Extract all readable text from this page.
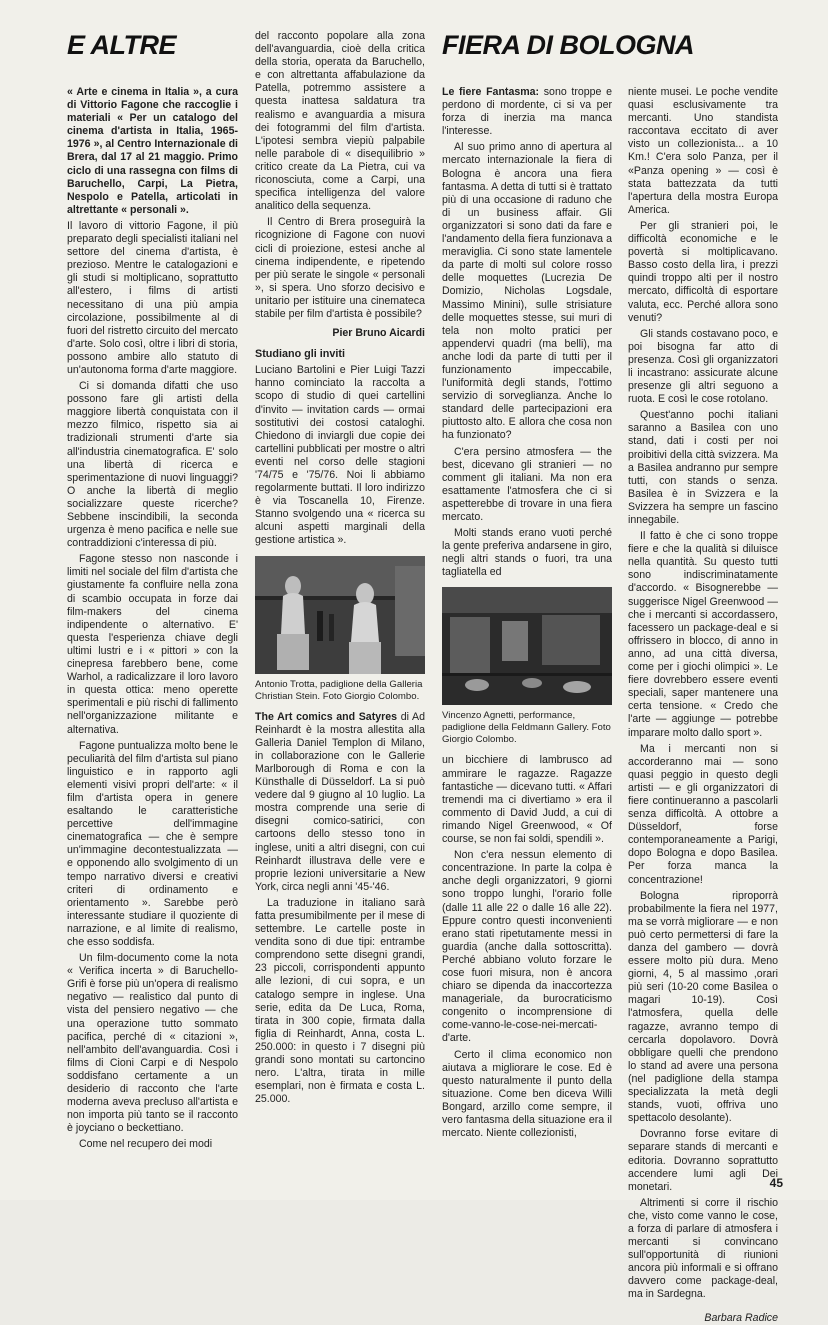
E ALTRE	FIERA DI BOLOGNA

« Arte e cinema in Italia », a cura di Vittorio Fagone che raccoglie i materiali « Per un catalogo del cinema d'artista in Italia, 1965-1976 », al Centro Internazionale di Brera, dal 17 al 21 maggio. Primo ciclo di una rassegna con films di Baruchello, Carpi, La Pietra, Nespolo e Patella, articolati in altrettante « personali ».

Il lavoro di vittorio Fagone, il più preparato degli specialisti italiani nel settore del cinema d'artista, è prezioso. Mentre le catalogazioni e gli studi si moltiplicano, soprattutto all'estero, i films di artisti necessitano di una più ampia circolazione, possibilmente al di fuori del ristretto circuito del mercato d'arte. Solo così, oltre i libri di storia, possono ambire allo statuto di un'autonoma forma d'arte maggiore.

Ci si domanda difatti che uso possono fare gli artisti della maggiore libertà conquistata con il mezzo filmico, rispetto sia ai tradizionali strumenti d'arte sia all'industria cinematografica. E' solo una libertà di ricerca e sperimentazione di nuovi linguaggi? O anche la libertà di meglio socializzare queste ricerche? Sebbene inscindibili, la seconda urgenza è meno pacifica e nelle sue contraddizioni c'interessa di più.

Fagone stesso non nasconde i limiti nel sociale del film d'artista che giustamente fa confluire nella zona di scambio occupata in forze dai film-makers del cinema indipendente o alternativo. E' questa l'esperienza chiave degli ultimi lustri e i « pittori » con la cinepresa farebbero bene, come Warhol, a radicalizzare il loro lavoro in questa ottica: meno operette sperimentali e più rischi di fallimento nell'organizzazione militante e alternativa.

Fagone puntualizza molto bene le peculiarità del film d'artista sul piano linguistico e in rapporto agli elementi visivi propri dell'arte: « il film d'artista opera in genere esaltando le caratteristiche percettive dell'immagine cinematografica — che è sempre un'immagine decontestualizzata — e opponendo allo svolgimento di un tempo narrativo diversi e creativi criteri di ordinamento e orientamento ». Sarebbe però interessante studiare il quoziente di narrazione, e al limite di realismo, che esso soddisfa.

Un film-documento come la nota « Verifica incerta » di Baruchello-Grifi è forse più un'opera di realismo negativo — realistico dal punto di vista del pensiero negativo — che una operazione tutto sommato pacifica, perché di « citazioni », nell'ambito dell'avanguardia. Così i films di Cioni Carpi e di Nespolo soddisfano certamente a un desiderio di racconto che l'arte moderna aveva precluso all'artista e non importa più tanto se il racconto è joyciano o beckettiano.

Come nel recupero dei modi

del racconto popolare alla zona dell'avanguardia, cioè della critica della storia, operata da Baruchello, e con altrettanta affabulazione da Patella, potremmo assistere a questa inattesa saldatura tra realismo e avanguardia a misura dei fotogrammi del film d'artista. L'ipotesi sembra viepiù palpabile nelle parabole di « disequilibrio » critico create da La Pietra, cui va riconosciuta, come a Carpi, una specifica intelligenza del valore analitico della sequenza.

Il Centro di Brera proseguirà la ricognizione di Fagone con nuovi cicli di proiezione, estesi anche al cinema indipendente, e ripetendo per più serate le singole « personali », si spera. Uno sforzo decisivo e unitario per istituire una cinemateca stabile per film d'artista è possibile?

Pier Bruno Aicardi

Studiano gli inviti

Luciano Bartolini e Pier Luigi Tazzi hanno cominciato la raccolta a scopo di studio di quei cartellini d'invito — invitation cards — ormai sostitutivi dei costosi cataloghi. Chiedono di inviargli due copie dei cartellini pubblicati per mostre o altri eventi nel corso delle stagioni '74/75 e '75/76. Noi li abbiamo regolarmente buttati. Il loro indirizzo è via Toscanella 10, Firenze. Stanno svolgendo una « ricerca su alcuni aspetti marginali della gestione artistica ».

Antonio Trotta, padiglione della Galleria Christian Stein. Foto Giorgio Colombo.

The Art comics and Satyres di Ad Reinhardt è la mostra allestita alla Galleria Daniel Templon di Milano, in collaborazione con le Gallerie Marlborough di Roma e con la Künsthalle di Düsseldorf. La si può vedere dal 9 giugno al 10 luglio. La mostra comprende una serie di disegni comico-satirici, con cartoons dello stesso tono in inglese, uniti a altri disegni, con cui Reinhardt illustrava delle vere e proprie lezioni universitarie a New York, circa negli anni '45-'46.

La traduzione in italiano sarà fatta presumibilmente per il mese di settembre. Le cartelle poste in vendita sono di due tipi: entrambe comprendono sette disegni grandi, 23 piccoli, corrispondenti appunto alle lezioni, di cui sopra, e un catalogo sempre in inglese. Una serie, edita da De Luca, Roma, tirata in 300 copie, firmata dalla figlia di Reinhardt, Anna, costa L. 250.000: in questo i 7 disegni più grandi sono montati su cartoncino nero. L'altra, tirata in mille esemplari, non è firmata e costa L. 25.000.

Le fiere Fantasma: sono troppe e perdono di mordente, ci si va per forza di inerzia ma manca l'interesse.

Al suo primo anno di apertura al mercato internazionale la fiera di Bologna è ancora una fiera fantasma. A detta di tutti si è trattato più di una occasione di raduno che di un business affair. Gli organizzatori si sono dati da fare e l'andamento della fiera funzionava a meraviglia. Ci sono state lamentele da parte di molti sul colore rosso delle moquettes (Lucrezia De Domizio, Nicholas Logsdale, Massimo Minini), sulle strisiature delle moquettes stesse, sui muri di tela non molto pratici per appendervi quadri (ma belli), ma anche lodi da parte di tutti per il funzionamento impeccabile, l'uniformità degli stands, l'ottimo servizio di sorveglianza. Anche lo standard delle partecipazioni era piuttosto alto. E allora che cosa non ha funzionato?

C'era persino atmosfera — the best, dicevano gli stranieri — no comment gli italiani. Ma non era esattamente l'atmosfera che ci si aspetterebbe di trovare in una fiera mercato.

Molti stands erano vuoti perché la gente preferiva andarsene in giro, negli altri stands o fuori, tra una tagliatella ed

Vincenzo Agnetti, performance, padiglione della Feldmann Gallery. Foto Giorgio Colombo.

un bicchiere di lambrusco ad ammirare le ragazze. Ragazze fantastiche — dicevano tutti. « Affari tremendi ma ci divertiamo » era il commento di David Judd, a cui di rimando Nigel Greenwood, « Of course, se non fai soldi, spendili ».

Non c'era nessun elemento di concentrazione. In parte la colpa è anche degli organizzatori, 9 giorni sono troppo lunghi, l'orario folle (dalle 11 alle 22 o dalle 16 alle 22). Eppure contro questi inconvenienti erano stati ripetutamente messi in guardia (anche dalla sottoscritta). Perché abbiano voluto forzare le cose fuori misura, non è ancora chiaro se dipenda da inaccortezza manageriale, da burocraticismo congenito o incomprensione di come-vanno-le-cose-nei-mercati-d'arte.

Certo il clima economico non aiutava a migliorare le cose. Ed è questo naturalmente il punto della situazione. Come ben diceva Willi Bongard, arzillo come sempre, il vero fantasma della situazione era il mercato. Niente collezionisti,

niente musei. Le poche vendite quasi esclusivamente tra mercanti. Uno standista raccontava eccitato di aver visto un collezionista... a 10 Km.! C'era solo Panza, per il «Panza opening » — così è stata battezzata da tutti l'apertura della mostra Europa America.

Per gli stranieri poi, le difficoltà economiche e le povertà si moltiplicavano. Basso costo della lira, i prezzi quindi troppo alti per il nostro mercato, difficoltà di esportare valuta, ecc. Perché allora sono venuti?

Gli stands costavano poco, e poi bisogna far atto di presenza. Così gli organizzatori li incastrano: assicurate alcune presenze gli altri seguono a ruota. E così le cose rotolano.

Quest'anno pochi italiani saranno a Basilea con uno stand, dati i costi per noi proibitivi della città svizzera. Ma a Basilea andranno pur sempre tutti, con stands o senza. Basilea è in Svizzera e la Svizzera ha sempre un fascino innegabile.

Il fatto è che ci sono troppe fiere e che la qualità si diluisce nella quantità. Su questo tutti sono indiscriminatamente d'accordo. « Bisognerebbe — suggerisce Nigel Greenwood — che i mercanti si accordassero, facessero un package-deal e si offrissero in blocco, di anno in anno, ad una città diversa, come per i giochi olimpici ». Le fiere dovrebbero essere eventi speciali, saper mantenere una certa tensione. « Credo che l'arte — aggiunge — potrebbe imparare molto dallo sport ».

Ma i mercanti non si accorderanno mai — sono quasi peggio in questo degli artisti — e gli organizzatori di fiere continueranno a pascolarli senza difficoltà. A ottobre a Düsseldorf, forse contemporaneamente a Parigi, dopo Bologna e dopo Basilea. Per forza manca la concentrazione!

Bologna riproporrà probabilmente la fiera nel 1977, ma se vorrà migliorare — e non può certo permettersi di fare la danza del gambero — dovrà essere molto più dura. Meno giorni, 4, 5 al massimo ,orari più seri (10-20 come Basilea o magari 10-19). Così l'atmosfera, quella delle ragazze, avranno tempo di cercarla dopolavoro. Dovrà obbligare quelli che prendono lo stand ad avere una persona (nel padiglione della stampa specializzata la metà degli stands, vuoti, offriva uno spettacolo desolante).

Dovranno forse evitare di separare stands di mercanti e editoria. Dovranno soprattutto accendere lumi agli Dei monetari.

Altrimenti si corre il rischio che, visto come vanno le cose, a forza di parlare di atmosfera i mercanti si convincano sull'opportunità di riunioni ancora più informali e si offrano davvero come package-deal, ma in Sardegna.

Barbara Radice

45
